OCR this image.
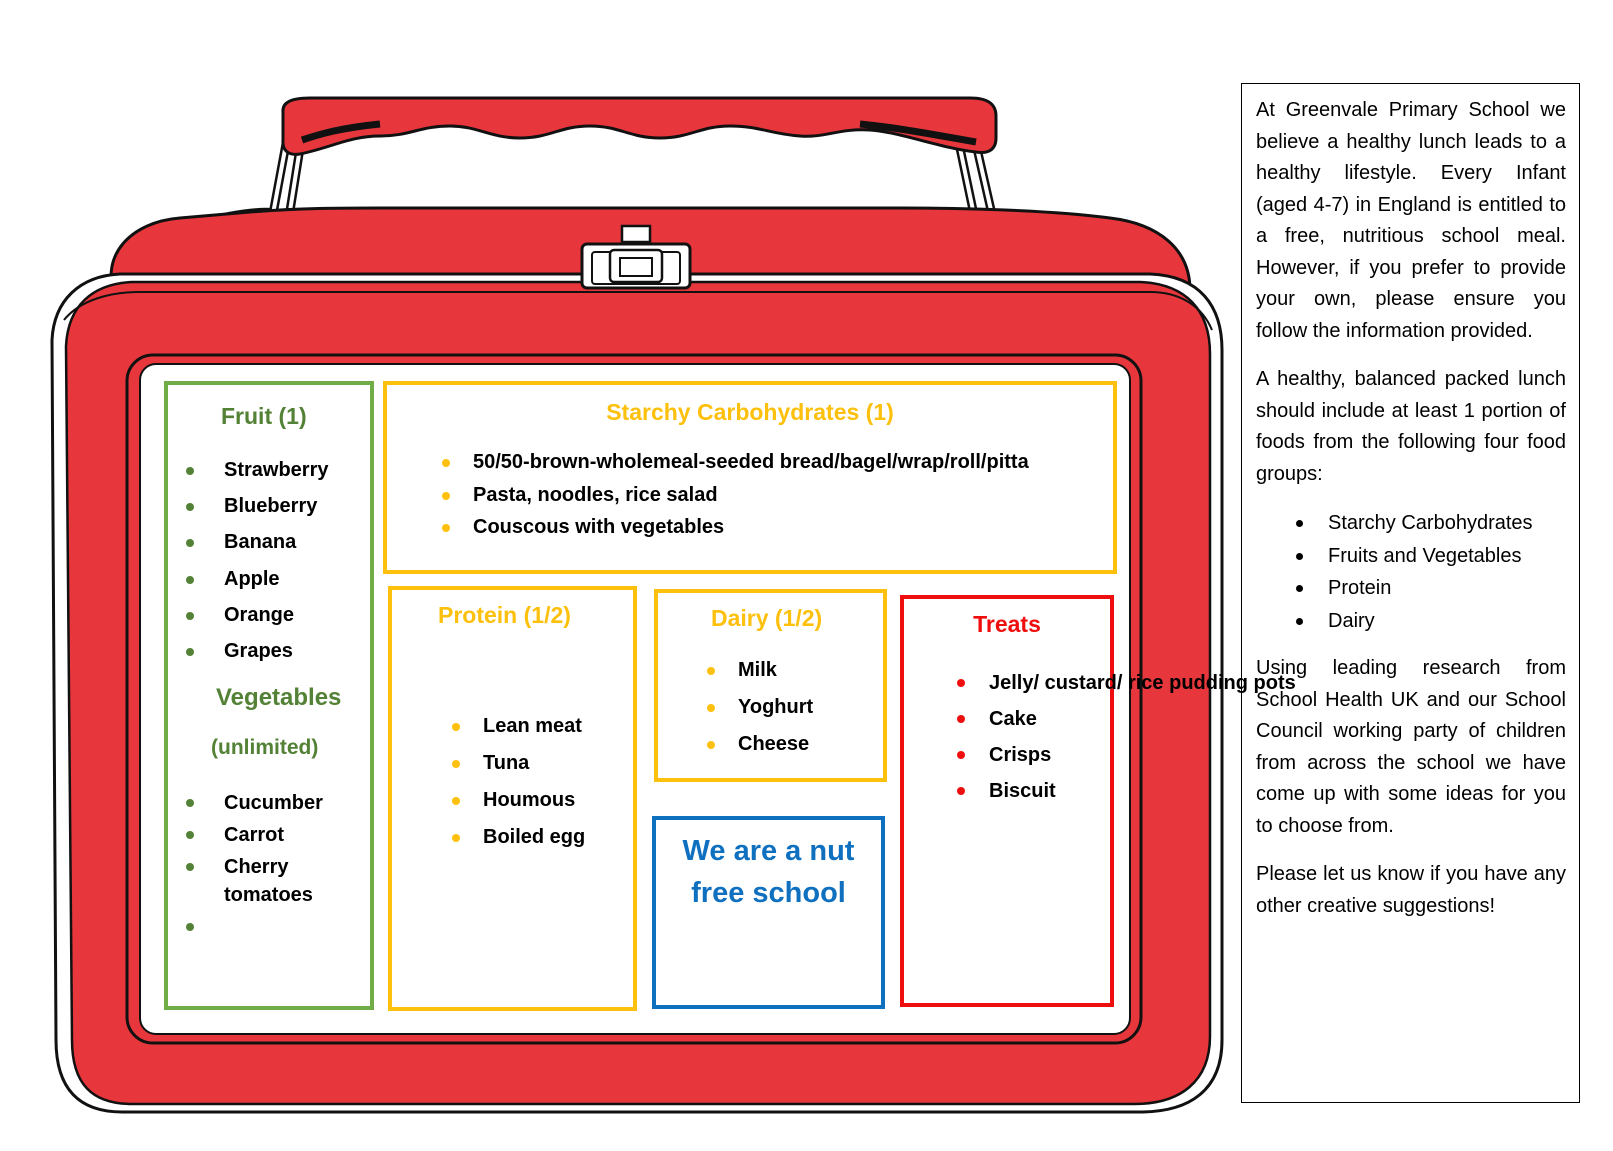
Fruit (1)

Strawberry
Blueberry
Banana
Apple
Orange
Grapes

Vegetables

(unlimited)

Cucumber
Carrot
Cherry tomatoes

Starchy Carbohydrates (1)

50/50-brown-wholemeal-seeded bread/bagel/wrap/roll/pitta
Pasta, noodles, rice salad
Couscous with vegetables

Protein (1/2)

Lean meat
Tuna
Houmous
Boiled egg

Dairy (1/2)

Milk
Yoghurt
Cheese

We are a nut
free school

Treats

Jelly/ custard/ rice pudding pots
Cake
Crisps
Biscuit

At Greenvale Primary School we believe a healthy lunch leads to a healthy lifestyle. Every Infant (aged 4-7) in England is entitled to a free, nutritious school meal. However, if you prefer to provide your own, please ensure you follow the information provided.

A healthy, balanced packed lunch should include at least 1 portion of foods from the following four food groups:

Starchy Carbohydrates
Fruits and Vegetables
Protein
Dairy

Using leading research from School Health UK and our School Council working party of children from across the school we have come up with some ideas for you to choose from.

Please let us know if you have any other creative suggestions!
